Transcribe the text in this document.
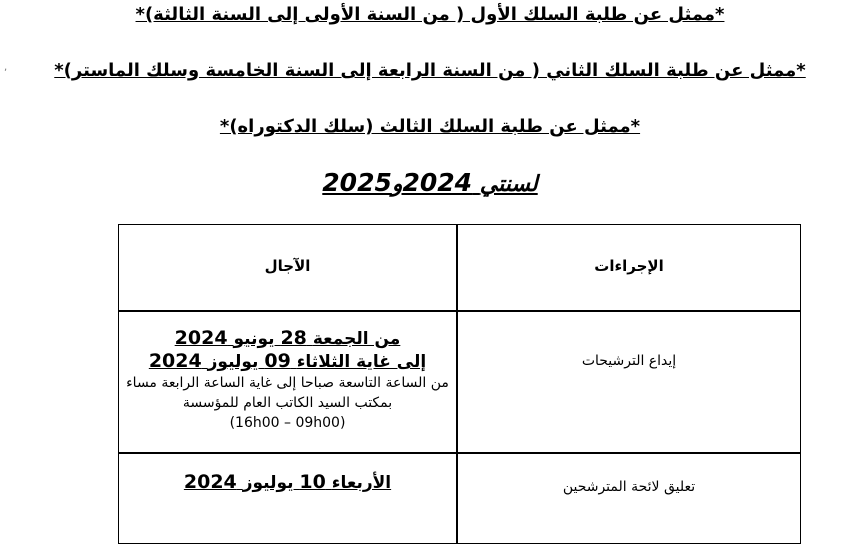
,
*ممثل عن طلبة السلك الأول ( من السنة الأولى إلى السنة الثالثة)*
*ممثل عن طلبة السلك الثاني ( من السنة الرابعة إلى السنة الخامسة وسلك الماستر)*
*ممثل عن طلبة السلك الثالث (سلك الدكتوراه)*
لسنتي 2024و2025
الإجراءات
الآجال
إيداع الترشيحات
من الجمعة 28 يونيو 2024
إلى غاية الثلاثاء 09 يوليوز 2024
من الساعة التاسعة صباحا إلى غاية الساعة الرابعة مساء بمكتب السيد الكاتب العام للمؤسسة
(16h00 – 09h00)
تعليق لائحة المترشحين
الأربعاء 10 يوليوز 2024
